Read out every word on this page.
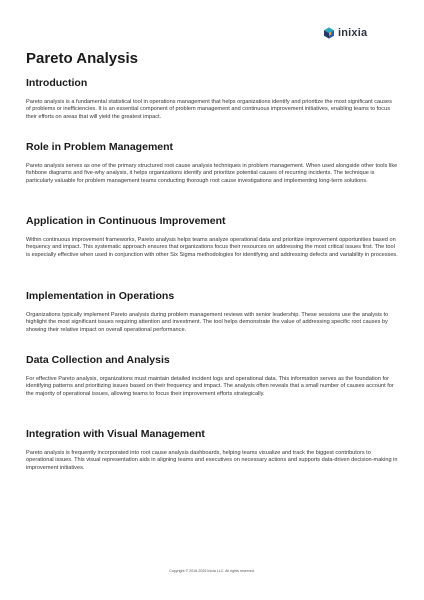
inixia
Pareto Analysis
Introduction

Pareto analysis is a fundamental statistical tool in operations management that helps organizations identify and prioritize the most significant causes of problems or inefficiencies. It is an essential component of problem management and continuous improvement initiatives, enabling teams to focus their efforts on areas that will yield the greatest impact.

Role in Problem Management

Pareto analysis serves as one of the primary structured root cause analysis techniques in problem management. When used alongside other tools like fishbone diagrams and five-why analysis, it helps organizations identify and prioritize potential causes of recurring incidents. The technique is particularly valuable for problem management teams conducting thorough root cause investigations and implementing long-term solutions.

Application in Continuous Improvement

Within continuous improvement frameworks, Pareto analysis helps teams analyze operational data and prioritize improvement opportunities based on frequency and impact. This systematic approach ensures that organizations focus their resources on addressing the most critical issues first. The tool is especially effective when used in conjunction with other Six Sigma methodologies for identifying and addressing defects and variability in processes.

Implementation in Operations

Organizations typically implement Pareto analysis during problem management reviews with senior leadership. These sessions use the analysis to highlight the most significant issues requiring attention and investment. The tool helps demonstrate the value of addressing specific root causes by showing their relative impact on overall operational performance.

Data Collection and Analysis

For effective Pareto analysis, organizations must maintain detailed incident logs and operational data. This information serves as the foundation for identifying patterns and prioritizing issues based on their frequency and impact. The analysis often reveals that a small number of causes account for the majority of operational issues, allowing teams to focus their improvement efforts strategically.

Integration with Visual Management

Pareto analysis is frequently incorporated into root cause analysis dashboards, helping teams visualize and track the biggest contributors to operational issues. This visual representation aids in aligning teams and executives on necessary actions and supports data-driven decision-making in improvement initiatives.

Copyright © 2016-2025 Inixia LLC. All rights reserved.
